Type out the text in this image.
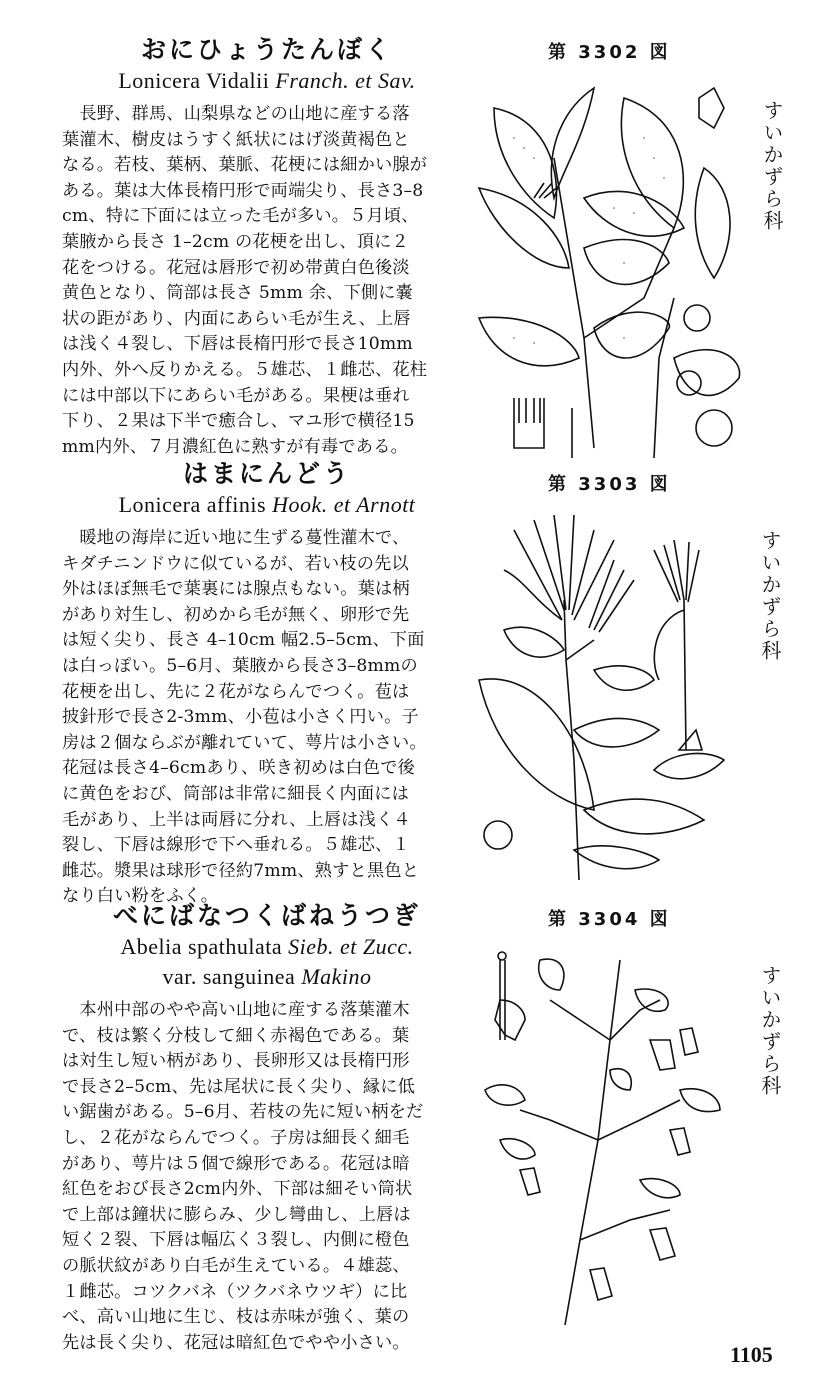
おにひょうたんぼく

Lonicera Vidalii Franch. et Sav.

　長野、群馬、山梨県などの山地に産する落
葉灌木、樹皮はうすく紙状にはげ淡黄褐色と
なる。若枝、葉柄、葉脈、花梗には細かい腺が
ある。葉は大体長楕円形で両端尖り、長さ3–8
cm、特に下面には立った毛が多い。５月頃、
葉腋から長さ 1–2cm の花梗を出し、頂に２
花をつける。花冠は唇形で初め帯黄白色後淡
黄色となり、筒部は長さ 5mm 余、下側に嚢
状の距があり、内面にあらい毛が生え、上唇
は浅く４裂し、下唇は長楕円形で長さ10mm
内外、外へ反りかえる。５雄芯、１雌芯、花柱
には中部以下にあらい毛がある。果梗は垂れ
下り、２果は下半で癒合し、マユ形で横径15
mm内外、７月濃紅色に熟すが有毒である。
第 3302 図
すいかずら科
はまにんどう

Lonicera affinis Hook. et Arnott

　暖地の海岸に近い地に生ずる蔓性灌木で、
キダチニンドウに似ているが、若い枝の先以
外はほぼ無毛で葉裏には腺点もない。葉は柄
があり対生し、初めから毛が無く、卵形で先
は短く尖り、長さ 4–10cm 幅2.5–5cm、下面
は白っぽい。5–6月、葉腋から長さ3–8mmの
花梗を出し、先に２花がならんでつく。苞は
披針形で長さ2-3mm、小苞は小さく円い。子
房は２個ならぶが離れていて、萼片は小さい。
花冠は長さ4–6cmあり、咲き初めは白色で後
に黄色をおび、筒部は非常に細長く内面には
毛があり、上半は両唇に分れ、上唇は浅く４
裂し、下唇は線形で下へ垂れる。５雄芯、１
雌芯。漿果は球形で径約7mm、熟すと黒色と
なり白い粉をふく。
第 3303 図
すいかずら科
べにばなつくばねうつぎ

Abelia spathulata Sieb. et Zucc.

var. sanguinea Makino

　本州中部のやや高い山地に産する落葉灌木
で、枝は繁く分枝して細く赤褐色である。葉
は対生し短い柄があり、長卵形又は長楕円形
で長さ2–5cm、先は尾状に長く尖り、縁に低
い鋸歯がある。5–6月、若枝の先に短い柄をだ
し、２花がならんでつく。子房は細長く細毛
があり、萼片は５個で線形である。花冠は暗
紅色をおび長さ2cm内外、下部は細そい筒状
で上部は鐘状に膨らみ、少し彎曲し、上唇は
短く２裂、下唇は幅広く３裂し、内側に橙色
の脈状紋があり白毛が生えている。４雄蕊、
１雌芯。コツクバネ（ツクバネウツギ）に比
べ、高い山地に生じ、枝は赤味が強く、葉の
先は長く尖り、花冠は暗紅色でやや小さい。
第 3304 図
すいかずら科
1105
